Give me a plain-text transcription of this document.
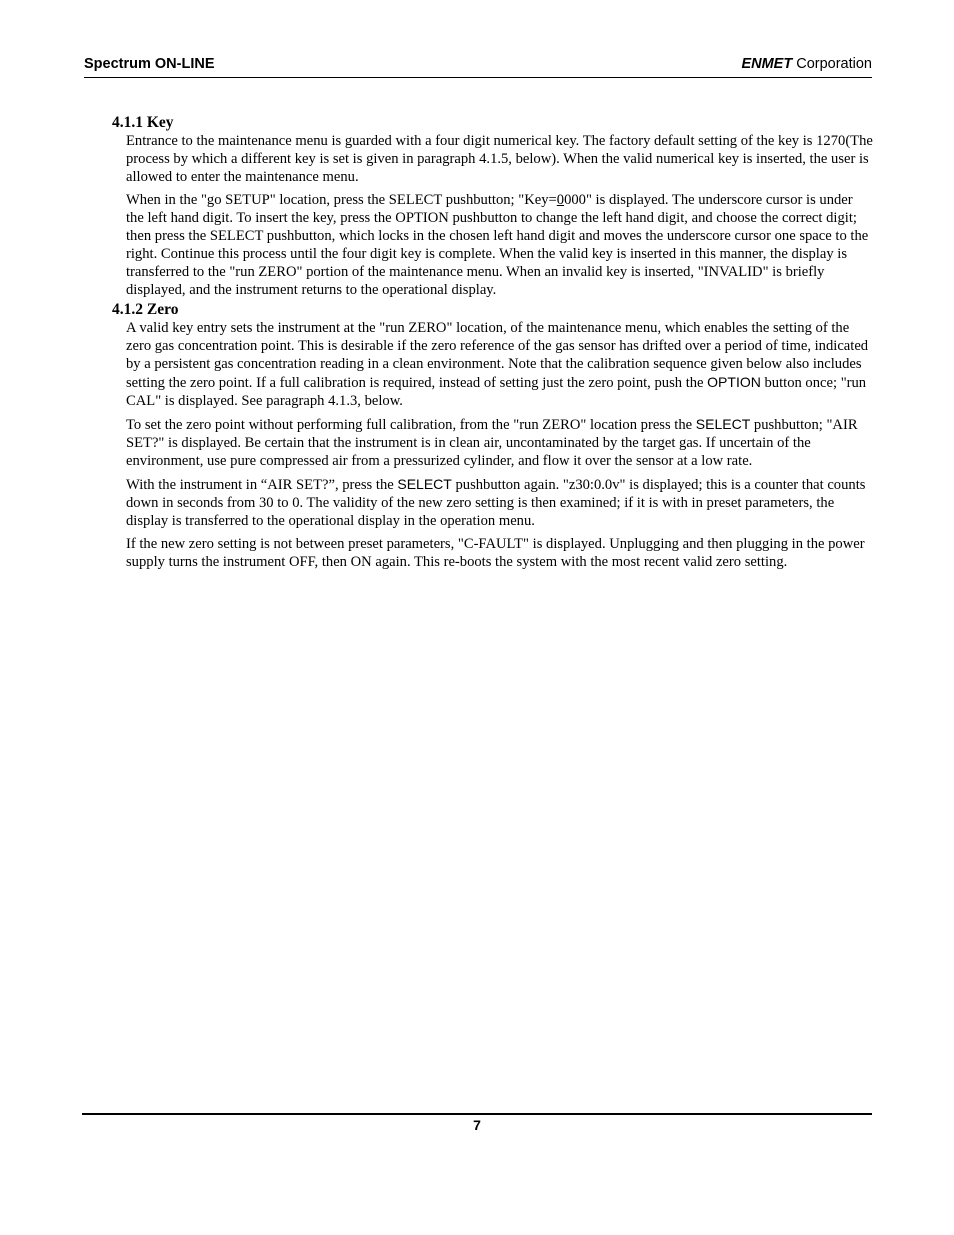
Spectrum ON-LINE	ENMET Corporation
4.1.1 Key

Entrance to the maintenance menu is guarded with a four digit numerical key. The factory default setting of the key is 1270(The process by which a different key is set is given in paragraph 4.1.5, below). When the valid numerical key is inserted, the user is allowed to enter the maintenance menu.

When in the "go SETUP" location, press the SELECT pushbutton; "Key=0000" is displayed. The underscore cursor is under the left hand digit. To insert the key, press the OPTION pushbutton to change the left hand digit, and choose the correct digit; then press the SELECT pushbutton, which locks in the chosen left hand digit and moves the underscore cursor one space to the right. Continue this process until the four digit key is complete. When the valid key is inserted in this manner, the display is transferred to the "run ZERO" portion of the maintenance menu. When an invalid key is inserted, "INVALID" is briefly displayed, and the instrument returns to the operational display.

4.1.2 Zero

A valid key entry sets the instrument at the "run ZERO" location, of the maintenance menu, which enables the setting of the zero gas concentration point. This is desirable if the zero reference of the gas sensor has drifted over a period of time, indicated by a persistent gas concentration reading in a clean environment. Note that the calibration sequence given below also includes setting the zero point. If a full calibration is required, instead of setting just the zero point, push the OPTION button once; "run CAL" is displayed. See paragraph 4.1.3, below.

To set the zero point without performing full calibration, from the "run ZERO" location press the SELECT pushbutton; "AIR SET?" is displayed. Be certain that the instrument is in clean air, uncontaminated by the target gas. If uncertain of the environment, use pure compressed air from a pressurized cylinder, and flow it over the sensor at a low rate.

With the instrument in “AIR SET?”, press the SELECT pushbutton again. "z30:0.0v" is displayed; this is a counter that counts down in seconds from 30 to 0. The validity of the new zero setting is then examined; if it is with in preset parameters, the display is transferred to the operational display in the operation menu.

If the new zero setting is not between preset parameters, "C-FAULT" is displayed. Unplugging and then plugging in the power supply turns the instrument OFF, then ON again. This re-boots the system with the most recent valid zero setting.

7
